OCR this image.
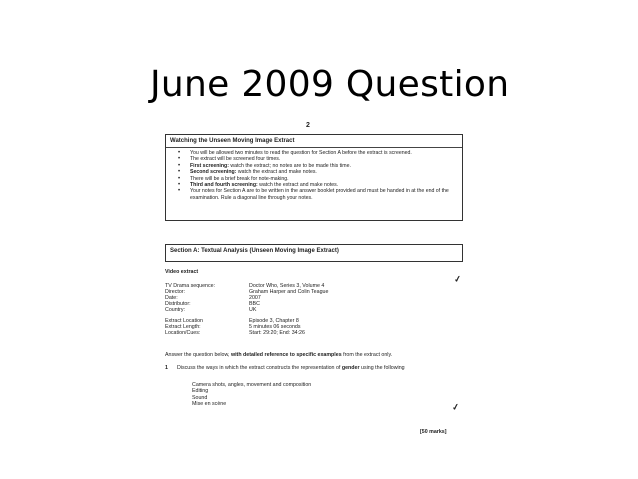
June 2009 Question
2
Watching the Unseen Moving Image Extract
• You will be allowed two minutes to read the question for Section A before the extract is screened.
• The extract will be screened four times.
• First screening: watch the extract; no notes are to be made this time.
• Second screening: watch the extract and make notes.
• There will be a brief break for note-making.
• Third and fourth screening: watch the extract and make notes.
• Your notes for Section A are to be written in the answer booklet provided and must be handed in at the end of the examination. Rule a diagonal line through your notes.
Section A: Textual Analysis (Unseen Moving Image Extract)
Video extract
✓
TV Drama sequence:	Doctor Who, Series 3, Volume 4
Director:	Graham Harper and Colin Teague
Date:	2007
Distributor:	BBC
Country:	UK
Extract Location	Episode 3, Chapter 8
Extract Length:	5 minutes 06 seconds
Location/Cues:	Start: 29:20; End: 34:26
Answer the question below, with detailed reference to specific examples from the extract only.
1 Discuss the ways in which the extract constructs the representation of gender using the following
Camera shots, angles, movement and composition
Editing
Sound
Mise en scène	✓
[50 marks]
